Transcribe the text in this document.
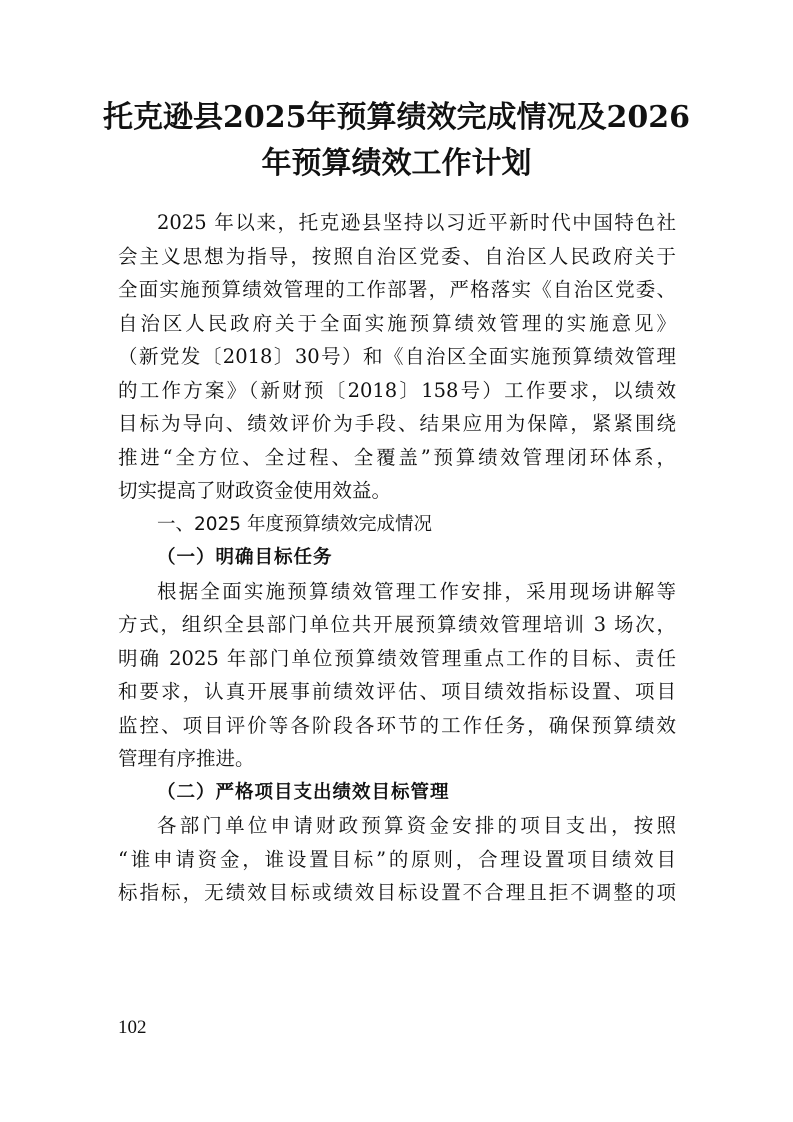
托克逊县2025年预算绩效完成情况及2026
年预算绩效工作计划
2025 年以来，托克逊县坚持以习近平新时代中国特色社
会主义思想为指导，按照自治区党委、自治区人民政府关于
全面实施预算绩效管理的工作部署，严格落实《自治区党委、
自治区人民政府关于全面实施预算绩效管理的实施意见》
（新党发〔2018〕30号）和《自治区全面实施预算绩效管理
的工作方案》（新财预〔2018〕158号）工作要求，以绩效
目标为导向、绩效评价为手段、结果应用为保障，紧紧围绕
推进“全方位、全过程、全覆盖”预算绩效管理闭环体系，
切实提高了财政资金使用效益。
一、2025 年度预算绩效完成情况
（一）明确目标任务
根据全面实施预算绩效管理工作安排，采用现场讲解等
方式，组织全县部门单位共开展预算绩效管理培训 3 场次，
明确 2025 年部门单位预算绩效管理重点工作的目标、责任
和要求，认真开展事前绩效评估、项目绩效指标设置、项目
监控、项目评价等各阶段各环节的工作任务，确保预算绩效
管理有序推进。
（二）严格项目支出绩效目标管理
各部门单位申请财政预算资金安排的项目支出，按照
“谁申请资金，谁设置目标”的原则，合理设置项目绩效目
标指标，无绩效目标或绩效目标设置不合理且拒不调整的项
102
